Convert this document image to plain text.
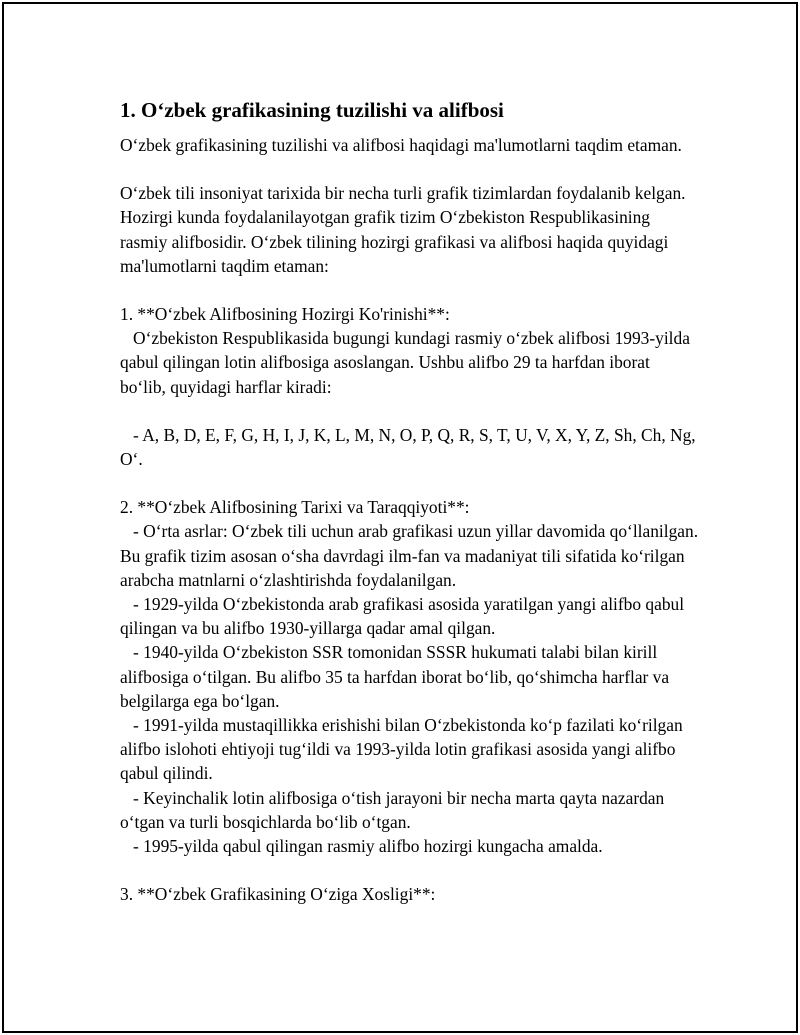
1. O‘zbek grafikasining tuzilishi va alifbosi

O‘zbek grafikasining tuzilishi va alifbosi haqidagi ma'lumotlarni taqdim etaman.

O‘zbek tili insoniyat tarixida bir necha turli grafik tizimlardan foydalanib kelgan. Hozirgi kunda foydalanilayotgan grafik tizim O‘zbekiston Respublikasining rasmiy alifbosidir. O‘zbek tilining hozirgi grafikasi va alifbosi haqida quyidagi ma'lumotlarni taqdim etaman:

1. **O‘zbek Alifbosining Hozirgi Ko'rinishi**:
O‘zbekiston Respublikasida bugungi kundagi rasmiy o‘zbek alifbosi 1993-yilda qabul qilingan lotin alifbosiga asoslangan. Ushbu alifbo 29 ta harfdan iborat bo‘lib, quyidagi harflar kiradi:

- A, B, D, E, F, G, H, I, J, K, L, M, N, O, P, Q, R, S, T, U, V, X, Y, Z, Sh, Ch, Ng, O‘.

2. **O‘zbek Alifbosining Tarixi va Taraqqiyoti**:
- O‘rta asrlar: O‘zbek tili uchun arab grafikasi uzun yillar davomida qo‘llanilgan. Bu grafik tizim asosan o‘sha davrdagi ilm-fan va madaniyat tili sifatida ko‘rilgan arabcha matnlarni o‘zlashtirishda foydalanilgan.
- 1929-yilda O‘zbekistonda arab grafikasi asosida yaratilgan yangi alifbo qabul qilingan va bu alifbo 1930-yillarga qadar amal qilgan.
- 1940-yilda O‘zbekiston SSR tomonidan SSSR hukumati talabi bilan kirill alifbosiga o‘tilgan. Bu alifbo 35 ta harfdan iborat bo‘lib, qo‘shimcha harflar va belgilarga ega bo‘lgan.
- 1991-yilda mustaqillikka erishishi bilan O‘zbekistonda ko‘p fazilati ko‘rilgan alifbo islohoti ehtiyoji tug‘ildi va 1993-yilda lotin grafikasi asosida yangi alifbo qabul qilindi.
- Keyinchalik lotin alifbosiga o‘tish jarayoni bir necha marta qayta nazardan o‘tgan va turli bosqichlarda bo‘lib o‘tgan.
- 1995-yilda qabul qilingan rasmiy alifbo hozirgi kungacha amalda.

3. **O‘zbek Grafikasining O‘ziga Xosligi**:
